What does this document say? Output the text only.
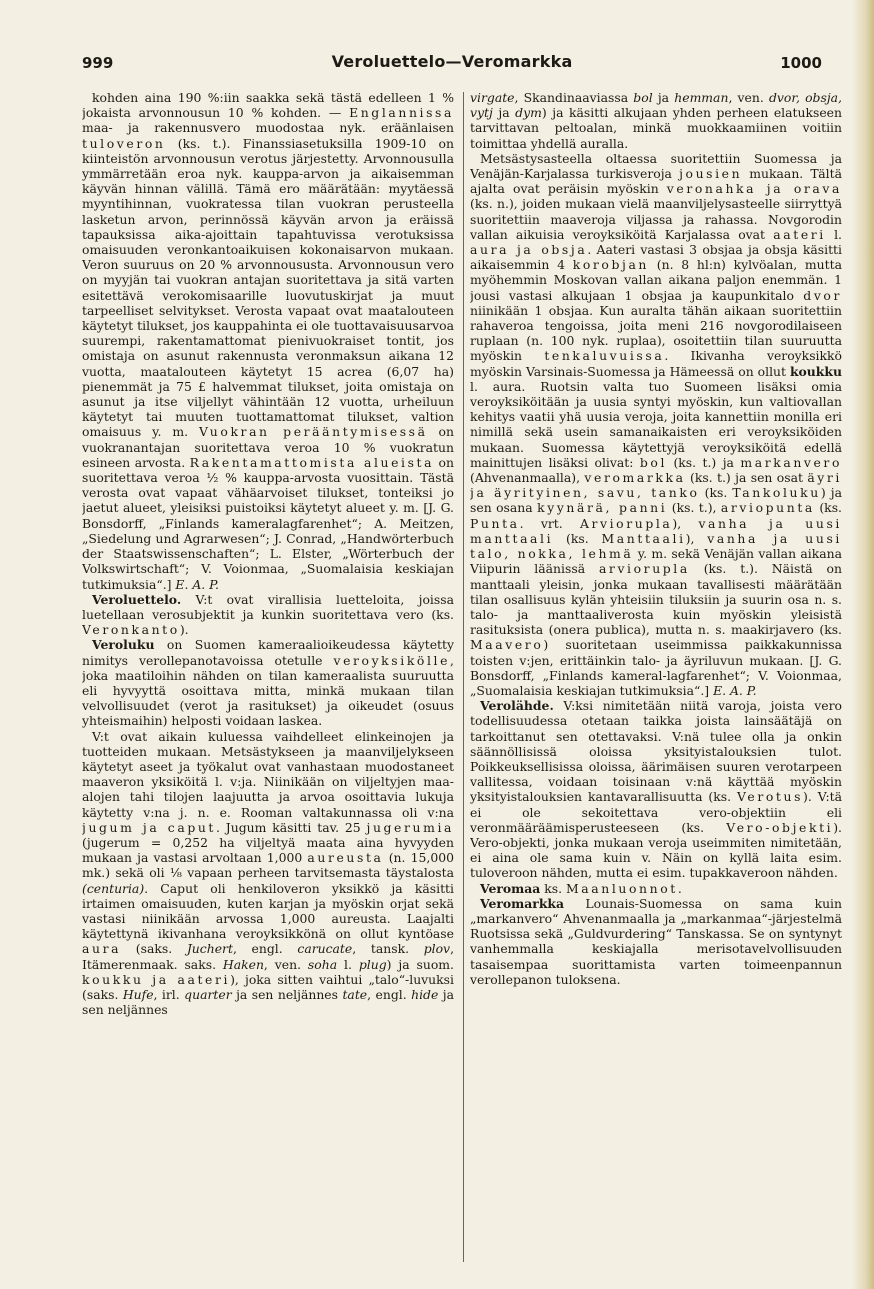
999	Veroluettelo—Veromarkka	1000

kohden aina 190 %:iin saakka sekä tästä edelleen 1 % jokaista arvonnousun 10 % kohden. — Englannissa maa- ja rakennusvero muodostaa nyk. eräänlaisen tuloveron (ks. t.). Finanssiasetuksilla 1909-10 on kiinteistön arvonnousun verotus järjestetty. Arvonnousulla ymmärretään eroa nyk. kauppa-arvon ja aikaisemman käyvän hinnan välillä. Tämä ero määrätään: myytäessä myyntihinnan, vuokratessa tilan vuokran perusteella lasketun arvon, perinnössä käyvän arvon ja eräissä tapauksissa aika-ajoittain tapahtuvissa verotuksissa omaisuuden veronkantoaikuisen kokonaisarvon mukaan. Veron suuruus on 20 % arvonnoususta. Arvonnousun vero on myyjän tai vuokran antajan suoritettava ja sitä varten esitettävä verokomisaarille luovutuskirjat ja muut tarpeelliset selvitykset. Verosta vapaat ovat maatalouteen käytetyt tilukset, jos kauppahinta ei ole tuottavaisuusarvoa suurempi, rakentamattomat pienivuokraiset tontit, jos omistaja on asunut rakennusta veronmaksun aikana 12 vuotta, maatalouteen käytetyt 15 acrea (6,07 ha) pienemmät ja 75 £ halvemmat tilukset, joita omistaja on asunut ja itse viljellyt vähintään 12 vuotta, urheiluun käytetyt tai muuten tuottamattomat tilukset, valtion omaisuus y. m. Vuokran perääntymisessä on vuokranantajan suoritettava veroa 10 % vuokratun esineen arvosta. Rakentamattomista alueista on suoritettava veroa ½ % kauppa-arvosta vuosittain. Tästä verosta ovat vapaat vähäarvoiset tilukset, tonteiksi jo jaetut alueet, yleisiksi puistoiksi käytetyt alueet y. m. [J. G. Bonsdorff, „Finlands kameralagfarenhet“; A. Meitzen, „Siedelung und Agrarwesen“; J. Conrad, „Handwörterbuch der Staatswissenschaften“; L. Elster, „Wörterbuch der Volkswirtschaft“; V. Voionmaa, „Suomalaisia keskiajan tutkimuksia“.] E. A. P.

Veroluettelo. V:t ovat virallisia luetteloita, joissa luetellaan verosubjektit ja kunkin suoritettava vero (ks. Veronkanto).

Veroluku on Suomen kameraalioikeudessa käytetty nimitys verollepanotavoissa otetulle veroyksikölle, joka maatiloihin nähden on tilan kameraalista suuruutta eli hyvyyttä osoittava mitta, minkä mukaan tilan velvollisuudet (verot ja rasitukset) ja oikeudet (osuus yhteismaihin) helposti voidaan laskea.

V:t ovat aikain kuluessa vaihdelleet elinkeinojen ja tuotteiden mukaan. Metsästykseen ja maanviljelykseen käytetyt aseet ja työkalut ovat vanhastaan muodostaneet maaveron yksiköitä l. v:ja. Niinikään on viljeltyjen maa-alojen tahi tilojen laajuutta ja arvoa osoittavia lukuja käytetty v:na j. n. e. Rooman valtakunnassa oli v:na jugum ja caput. Jugum käsitti tav. 25 jugerumia (jugerum = 0,252 ha viljeltyä maata aina hyvyyden mukaan ja vastasi arvoltaan 1,000 aureusta (n. 15,000 mk.) sekä oli ⅛ vapaan perheen tarvitsemasta täystalosta (centuria). Caput oli henkiloveron yksikkö ja käsitti irtaimen omaisuuden, kuten karjan ja myöskin orjat sekä vastasi niinikään arvossa 1,000 aureusta. Laajalti käytettynä ikivanhana veroyksikkönä on ollut kyntöase aura (saks. Juchert, engl. carucate, tansk. plov, Itämerenmaak. saks. Haken, ven. soha l. plug) ja suom. koukku ja aateri), joka sitten vaihtui „talo“-luvuksi (saks. Hufe, irl. quarter ja sen neljännes tate, engl. hide ja sen neljännes

virgate, Skandinaaviassa bol ja hemman, ven. dvor, obsja, vytj ja dym) ja käsitti alkujaan yhden perheen elatukseen tarvittavan peltoalan, minkä muokkaamiinen voitiin toimittaa yhdellä auralla.

Metsästysasteella oltaessa suoritettiin Suomessa ja Venäjän-Karjalassa turkisveroja jousien mukaan. Tältä ajalta ovat peräisin myöskin veronahka ja orava (ks. n.), joiden mukaan vielä maanviljelysasteelle siirryttyä suoritettiin maaveroja viljassa ja rahassa. Novgorodin vallan aikuisia veroyksiköitä Karjalassa ovat aateri l. aura ja obsja. Aateri vastasi 3 obsjaa ja obsja käsitti aikaisemmin 4 korobjan (n. 8 hl:n) kylvöalan, mutta myöhemmin Moskovan vallan aikana paljon enemmän. 1 jousi vastasi alkujaan 1 obsjaa ja kaupunkitalo dvor niinikään 1 obsjaa. Kun auralta tähän aikaan suoritettiin rahaveroa tengoissa, joita meni 216 novgorodilaiseen ruplaan (n. 100 nyk. ruplaa), osoitettiin tilan suuruutta myöskin tenkaluvuissa. Ikivanha veroyksikkö myöskin Varsinais-Suomessa ja Hämeessä on ollut koukku l. aura. Ruotsin valta tuo Suomeen lisäksi omia veroyksiköitään ja uusia syntyi myöskin, kun valtiovallan kehitys vaatii yhä uusia veroja, joita kannettiin monilla eri nimillä sekä usein samanaikaisten eri veroyksiköiden mukaan. Suomessa käytettyjä veroyksiköitä edellä mainittujen lisäksi olivat: bol (ks. t.) ja markanvero (Ahvenanmaalla), veromarkka (ks. t.) ja sen osat äyri ja äyrityinen, savu, tanko (ks. Tankoluku) ja sen osana kyynärä, panni (ks. t.), arviopunta (ks. Punta. vrt. Arvioruplа), vanha ja uusi manttaali (ks. Manttaali), vanha ja uusi talo, nokka, lehmä y. m. sekä Venäjän vallan aikana Viipurin läänissä arvioruplа (ks. t.). Näistä on manttaali yleisin, jonka mukaan tavallisesti määrätään tilan osallisuus kylän yhteisiin tiluksiin ja suurin osa n. s. talo- ja manttaaliverosta kuin myöskin yleisistä rasituksista (onera publica), mutta n. s. maakirjavero (ks. Maavero) suoritetaan useimmissa paikkakunnissa toisten v:jen, erittäinkin talo- ja äyriluvun mukaan. [J. G. Bonsdorff, „Finlands kameral-lagfarenhet“; V. Voionmaa, „Suomalaisia keskiajan tutkimuksia“.] E. A. P.

Verolähde. V:ksi nimitetään niitä varoja, joista vero todellisuudessa otetaan taikka joista lainsäätäjä on tarkoittanut sen otettavaksi. V:nä tulee olla ja onkin säännöllisissä oloissa yksityistalouksien tulot. Poikkeuksellisissa oloissa, äärimäisen suuren verotarpeen vallitessa, voidaan toisinaan v:nä käyttää myöskin yksityistalouksien kantavarallisuutta (ks. Verotus). V:tä ei ole sekoitettava vero-objektiin eli veronmääräämisperusteeseen (ks. Vero-objekti). Vero-objekti, jonka mukaan veroja useimmiten nimitetään, ei aina ole sama kuin v. Näin on kyllä laita esim. tuloveroon nähden, mutta ei esim. tupakkaveroon nähden.

Veromaa ks. Maanluonnot.

Veromarkka Lounais-Suomessa on sama kuin „markanvero“ Ahvenanmaalla ja „markanmaa“-järjestelmä Ruotsissa sekä „Guldvurdering“ Tanskassa. Se on syntynyt vanhemmalla keskiajalla merisotavelvollisuuden tasaisempaa suorittamista varten toimeenpannun verollepanon tuloksena.
